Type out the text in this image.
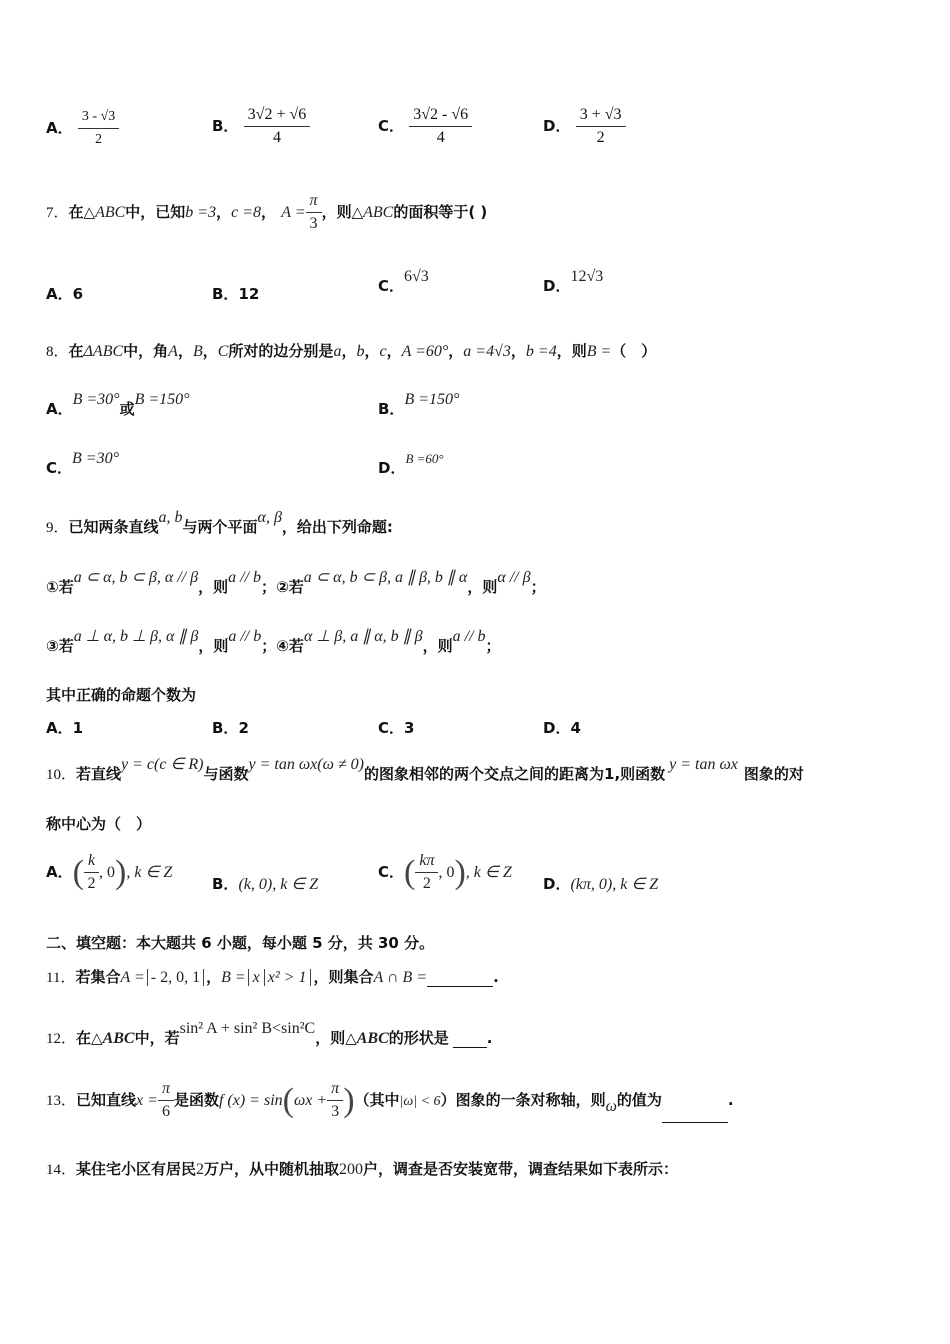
A． $\frac{3 - √3}{2}$	B． $\frac{3√2 + √6}{4}$	C． $\frac{3√2 - √6}{4}$	D． $\frac{3 + √3}{2}$
7．在△ABC中，已知b =3，c =8， $A = \frac{\pi}{3}$ ，则△ABC的面积等于( )
A．6	B．12	C．6√3
D．12√3
8．在ΔABC中，角A，B，C所对的边分别是a，b，c，A =60°，a =4√3，b =4，则B =（　）
A．B =30°或B =150°
B．B =150°
C．B =30°
D．B =60°
9．已知两条直线a, b与两个平面α, β，给出下列命题:
①若a ⊂ α, b ⊂ β, α // β，则a // b；②若a ⊂ α, b ⊂ β, a ∥ β, b ∥ α，则α // β；
③若a ⊥ α, b ⊥ β, α ∥ β，则a // b；④若α ⊥ β, a ∥ α, b ∥ β，则a // b；
其中正确的命题个数为
A．1	B．2	C．3	D．4
10．若直线y = c(c ∈ R)与函数y = tan ωx(ω ≠ 0)的图象相邻的两个交点之间的距离为1,则函数y = tan ωx图象的对
称中心为（　）
A．( $\frac{k}{2}$ , 0), k ∈ Z
B．(k, 0), k ∈ Z
C．( $\frac{k\pi}{2}$ , 0), k ∈ Z
D．(kπ, 0), k ∈ Z
二、填空题：本大题共 6 小题，每小题 5 分，共 30 分。
11．若集合A = - 2, 0, 1 ，B = x x² > 1 ，则集合A ∩ B =	.
12．在△ABC中，若sin² A + sin² B<sin²C，则△ABC的形状是	.
13．已知直线$x = \frac{\pi}{6}$ 是函数f $(x) = \sin(\omega x + \frac{\pi}{3}$ )（其中|ω| < 6）图象的一条对称轴，则ω的值为	.
14．某住宅小区有居民2万户，从中随机抽取200户，调查是否安装宽带，调查结果如下表所示：
